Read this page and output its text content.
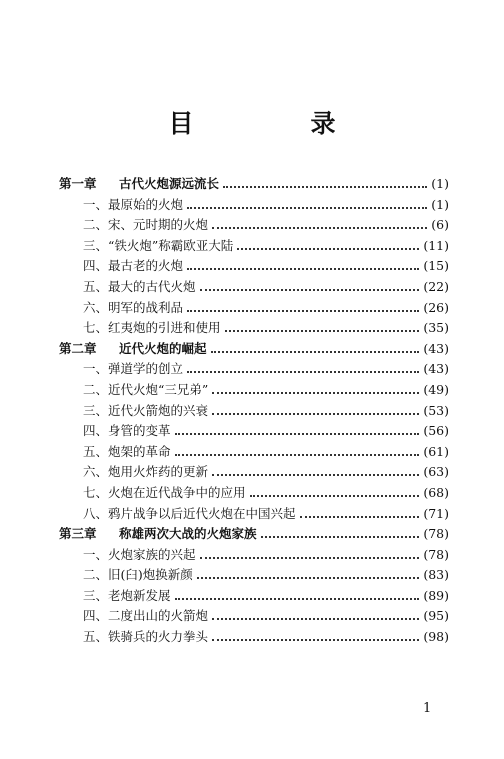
目　录
第一章 古代火炮源远流长	(1)
一、最原始的火炮	(1)
二、宋、元时期的火炮	(6)
三、“铁火炮”称霸欧亚大陆	(11)
四、最古老的火炮	(15)
五、最大的古代火炮	(22)
六、明军的战利品	(26)
七、红夷炮的引进和使用	(35)
第二章 近代火炮的崛起	(43)
一、弹道学的创立	(43)
二、近代火炮“三兄弟”	(49)
三、近代火箭炮的兴衰	(53)
四、身管的变革	(56)
五、炮架的革命	(61)
六、炮用火炸药的更新	(63)
七、火炮在近代战争中的应用	(68)
八、鸦片战争以后近代火炮在中国兴起	(71)
第三章 称雄两次大战的火炮家族	(78)
一、火炮家族的兴起	(78)
二、旧(臼)炮换新颜	(83)
三、老炮新发展	(89)
四、二度出山的火箭炮	(95)
五、铁骑兵的火力拳头	(98)
1
